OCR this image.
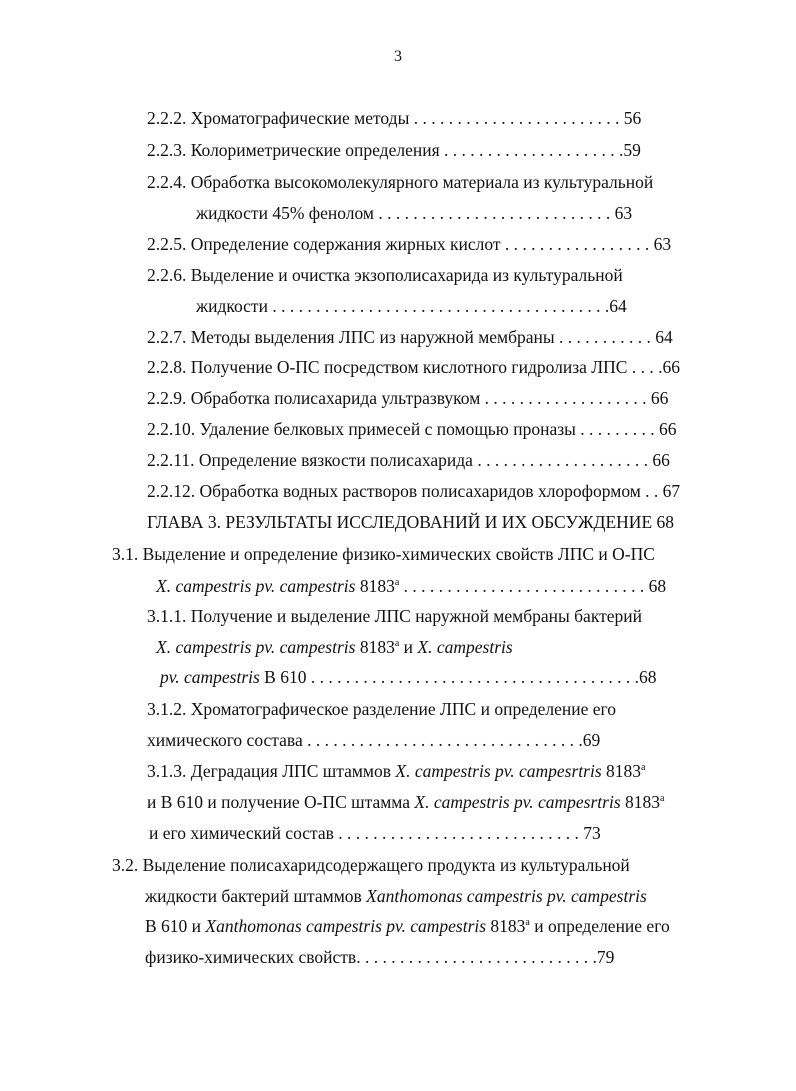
3
2.2.2. Хроматографические методы . . . . . . . . . . . . . . . . . . . . . . . . 56
2.2.3. Колориметрические определения . . . . . . . . . . . . . . . . . . . . .59
2.2.4. Обработка высокомолекулярного материала из культуральной
жидкости 45% фенолом . . . . . . . . . . . . . . . . . . . . . . . . . . . 63
2.2.5. Определение содержания жирных кислот . . . . . . . . . . . . . . . . . 63
2.2.6. Выделение и очистка экзополисахарида из культуральной
жидкости . . . . . . . . . . . . . . . . . . . . . . . . . . . . . . . . . . . . . . .64
2.2.7. Методы выделения ЛПС из наружной мембраны . . . . . . . . . . . 64
2.2.8. Получение О-ПС посредством кислотного гидролиза ЛПС . . . .66
2.2.9. Обработка полисахарида ультразвуком . . . . . . . . . . . . . . . . . . . 66
2.2.10. Удаление белковых примесей с помощью проназы . . . . . . . . . 66
2.2.11. Определение вязкости полисахарида . . . . . . . . . . . . . . . . . . . . 66
2.2.12. Обработка водных растворов полисахаридов хлороформом . . 67
ГЛАВА 3. РЕЗУЛЬТАТЫ ИССЛЕДОВАНИЙ И ИХ ОБСУЖДЕНИЕ 68
3.1. Выделение и определение физико-химических свойств ЛПС и О-ПС
X. campestris pv. campestris 8183$^a$ . . . . . . . . . . . . . . . . . . . . . . . . . . . . 68
3.1.1. Получение и выделение ЛПС наружной мембраны бактерий
X. campestris pv. campestris 8183$^a$ и X. campestris
pv. campestris В 610 . . . . . . . . . . . . . . . . . . . . . . . . . . . . . . . . . . . . . .68
3.1.2. Хроматографическое разделение ЛПС и определение его
химического состава . . . . . . . . . . . . . . . . . . . . . . . . . . . . . . . .69
3.1.3. Деградация ЛПС штаммов X. campestris pv. campesrtris 8183$^a$
и В 610 и получение О-ПС штамма X. campestris pv. campesrtris 8183$^a$
и его химический состав . . . . . . . . . . . . . . . . . . . . . . . . . . . . 73
3.2. Выделение полисахаридсодержащего продукта из культуральной
жидкости бактерий штаммов Xanthomonas campestris pv. campestris
В 610 и Xanthomonas campestris pv. campestris 8183$^a$ и определение его
физико-химических свойств. . . . . . . . . . . . . . . . . . . . . . . . . . . .79
